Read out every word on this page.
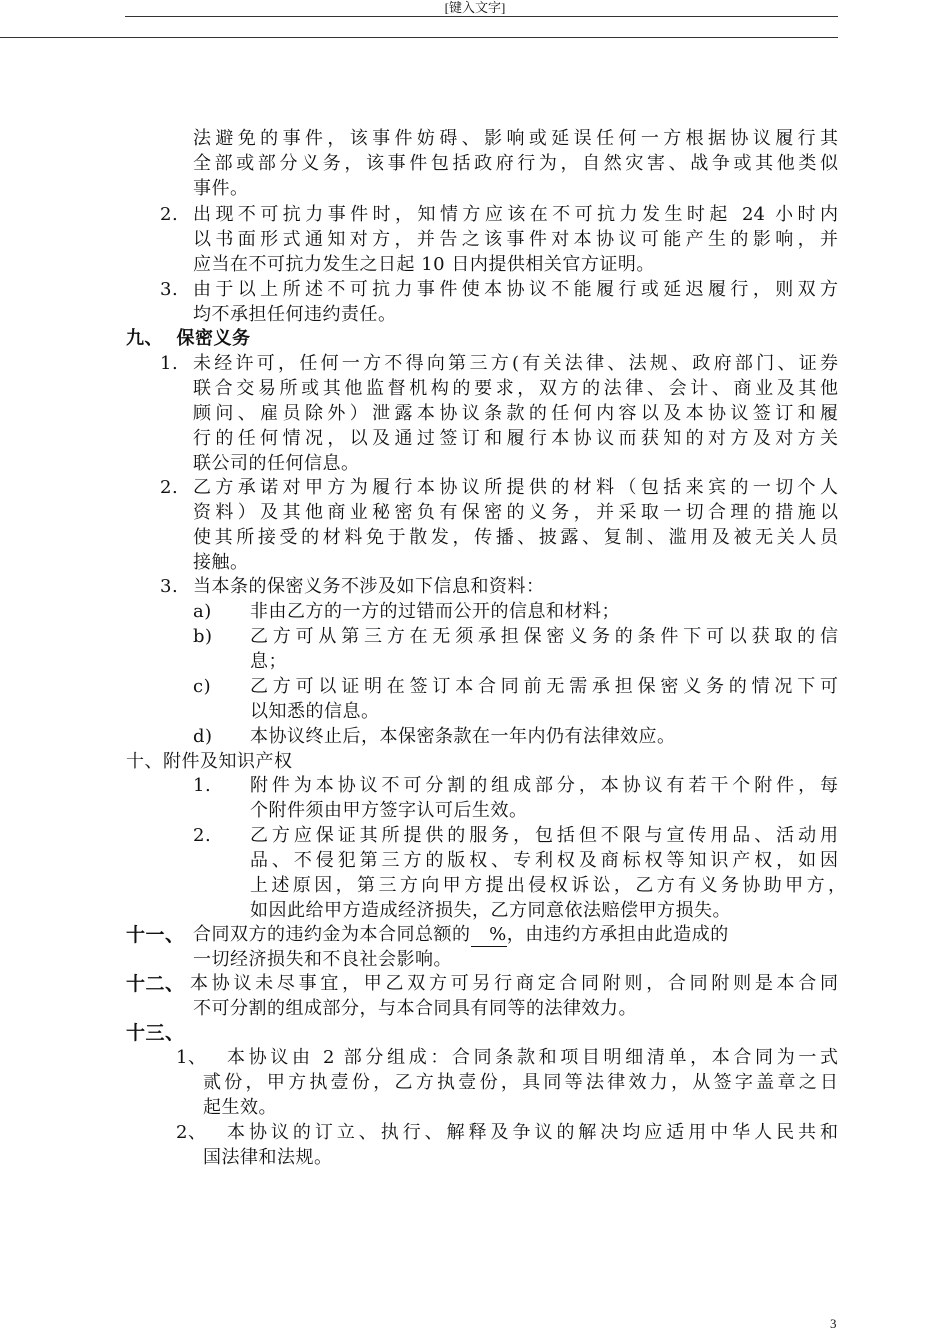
[键入文字]
法避免的事件，该事件妨碍、影响或延误任何一方根据协议履行其
全部或部分义务，该事件包括政府行为，自然灾害、战争或其他类似
事件。
2. 出现不可抗力事件时，知情方应该在不可抗力发生时起 24 小时内
以书面形式通知对方，并告之该事件对本协议可能产生的影响，并
应当在不可抗力发生之日起 10 日内提供相关官方证明。
3. 由于以上所述不可抗力事件使本协议不能履行或延迟履行，则双方
均不承担任何违约责任。
九、  保密义务
1. 未经许可，任何一方不得向第三方(有关法律、法规、政府部门、证券
联合交易所或其他监督机构的要求，双方的法律、会计、商业及其他
顾问、雇员除外）泄露本协议条款的任何内容以及本协议签订和履
行的任何情况，以及通过签订和履行本协议而获知的对方及对方关
联公司的任何信息。
2. 乙方承诺对甲方为履行本协议所提供的材料（包括来宾的一切个人
资料）及其他商业秘密负有保密的义务，并采取一切合理的措施以
使其所接受的材料免于散发，传播、披露、复制、滥用及被无关人员
接触。
3. 当本条的保密义务不涉及如下信息和资料：
a) 非由乙方的一方的过错而公开的信息和材料；
b) 乙方可从第三方在无须承担保密义务的条件下可以获取的信
息；
c) 乙方可以证明在签订本合同前无需承担保密义务的情况下可
以知悉的信息。
d) 本协议终止后，本保密条款在一年内仍有法律效应。
十、附件及知识产权
1. 附件为本协议不可分割的组成部分，本协议有若干个附件，每
个附件须由甲方签字认可后生效。
2. 乙方应保证其所提供的服务，包括但不限与宣传用品、活动用
品、不侵犯第三方的版权、专利权及商标权等知识产权，如因
上述原因，第三方向甲方提出侵权诉讼，乙方有义务协助甲方，
如因此给甲方造成经济损失，乙方同意依法赔偿甲方损失。
十一、 合同双方的违约金为本合同总额的   %，由违约方承担由此造成的
一切经济损失和不良社会影响。
十二、 本协议未尽事宜，甲乙双方可另行商定合同附则，合同附则是本合同
不可分割的组成部分，与本合同具有同等的法律效力。
十三、
1、 本协议由 2 部分组成：合同条款和项目明细清单，本合同为一式
贰份，甲方执壹份，乙方执壹份，具同等法律效力，从签字盖章之日
起生效。
2、 本协议的订立、执行、解释及争议的解决均应适用中华人民共和
国法律和法规。
3
